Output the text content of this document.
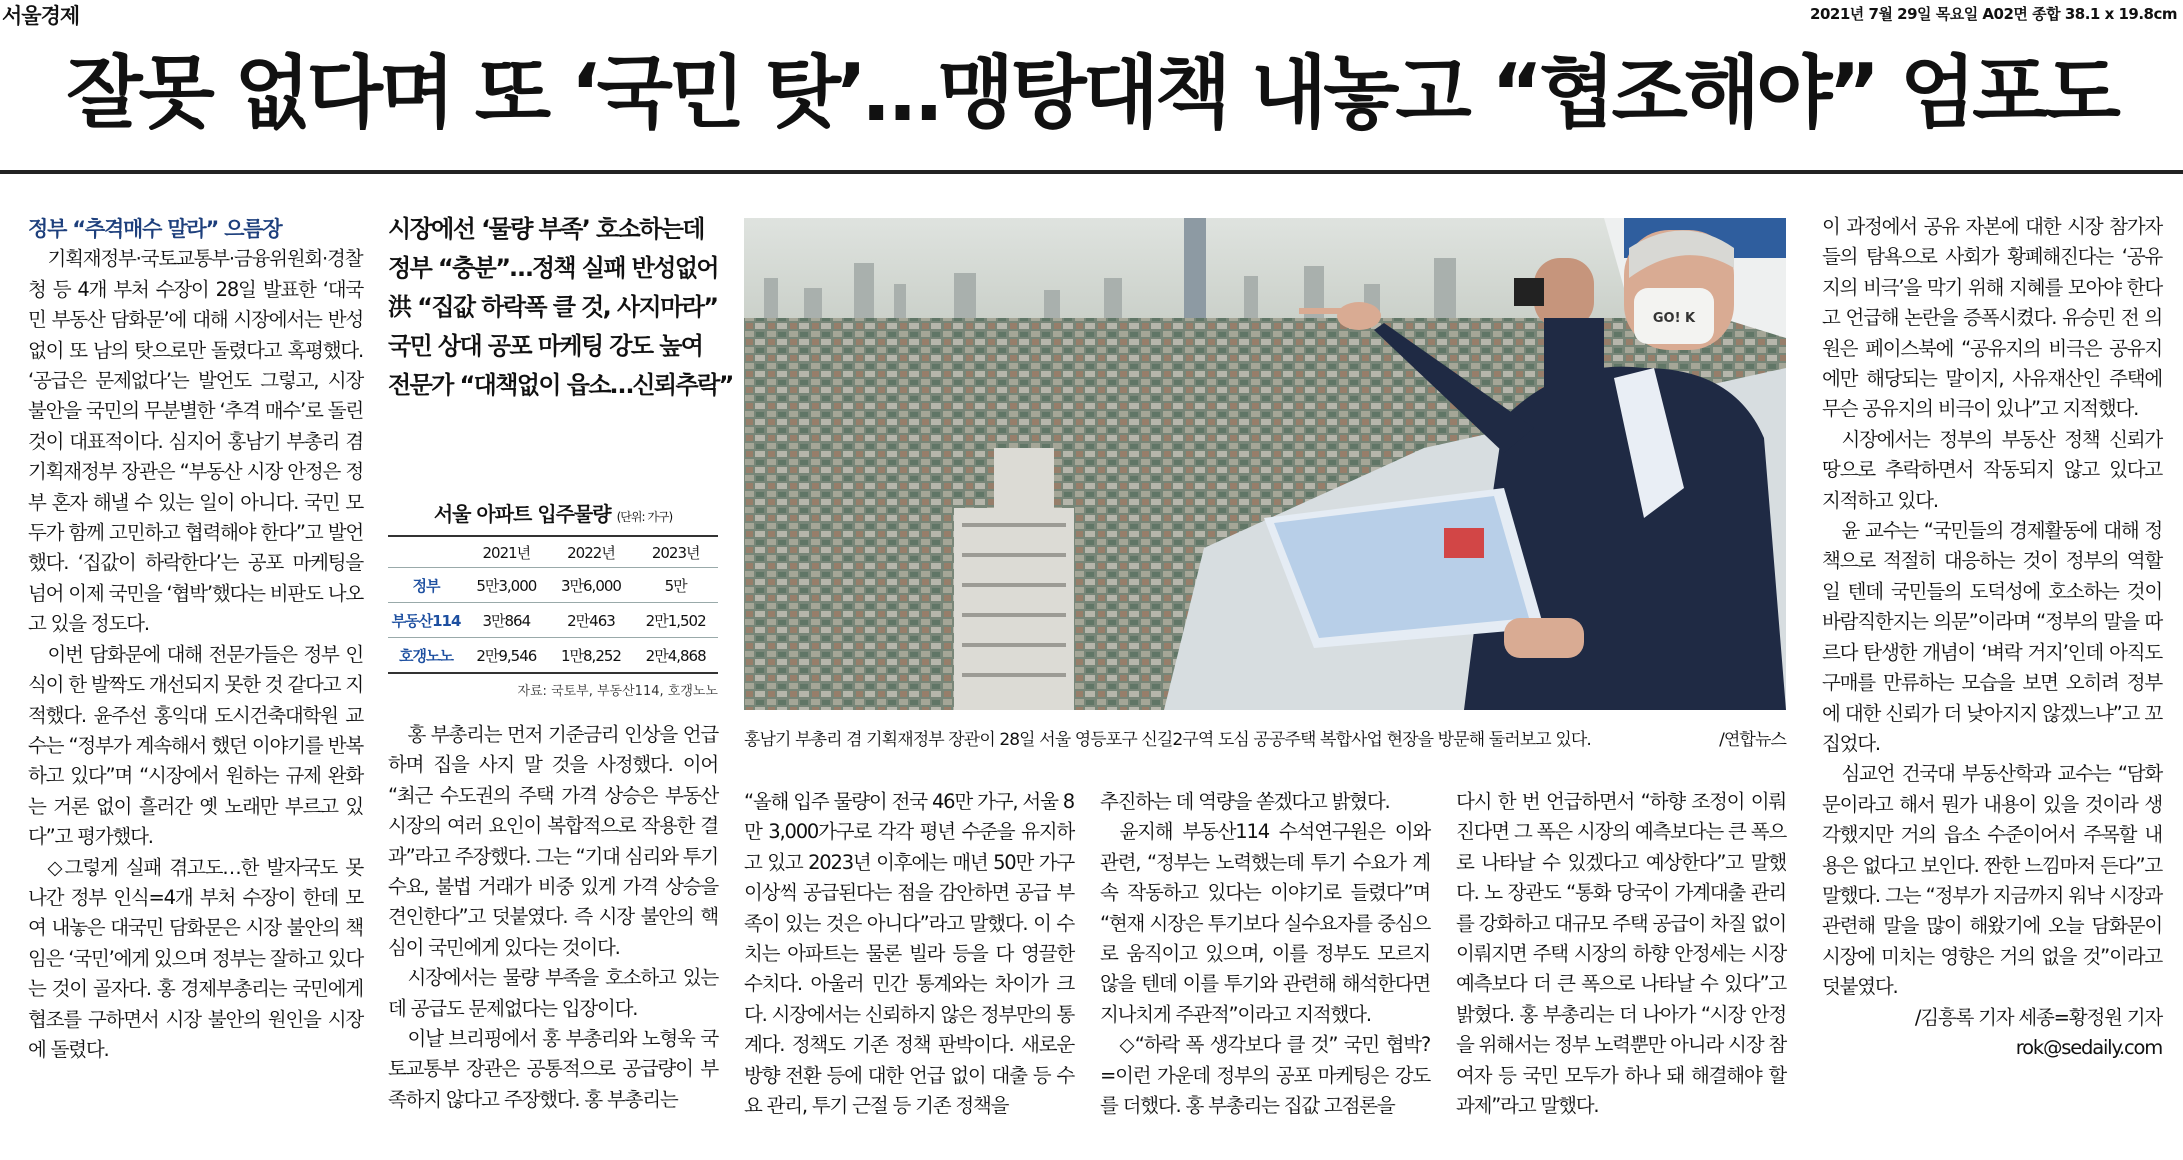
서울경제	2021년 7월 29일 목요일 A02면 종합 38.1 x 19.8cm
잘못 없다며 또 ‘국민 탓’…맹탕대책 내놓고 “협조해야” 엄포도

정부 “추격매수 말라” 으름장

기획재정부·국토교통부·금융위원회·경찰청 등 4개 부처 수장이 28일 발표한 ‘대국민 부동산 담화문’에 대해 시장에서는 반성 없이 또 남의 탓으로만 돌렸다고 혹평했다. ‘공급은 문제없다’는 발언도 그렇고, 시장 불안을 국민의 무분별한 ‘추격 매수’로 돌린 것이 대표적이다. 심지어 홍남기 부총리 겸 기획재정부 장관은 “부동산 시장 안정은 정부 혼자 해낼 수 있는 일이 아니다. 국민 모두가 함께 고민하고 협력해야 한다”고 발언했다. ‘집값이 하락한다’는 공포 마케팅을 넘어 이제 국민을 ‘협박’했다는 비판도 나오고 있을 정도다.

이번 담화문에 대해 전문가들은 정부 인식이 한 발짝도 개선되지 못한 것 같다고 지적했다. 윤주선 홍익대 도시건축대학원 교수는 “정부가 계속해서 했던 이야기를 반복하고 있다”며 “시장에서 원하는 규제 완화는 거론 없이 흘러간 옛 노래만 부르고 있다”고 평가했다.

◇그렇게 실패 겪고도…한 발자국도 못 나간 정부 인식=4개 부처 수장이 한데 모여 내놓은 대국민 담화문은 시장 불안의 책임은 ‘국민’에게 있으며 정부는 잘하고 있다는 것이 골자다. 홍 경제부총리는 국민에게 협조를 구하면서 시장 불안의 원인을 시장에 돌렸다.

시장에선 ‘물량 부족’ 호소하는데
정부 “충분”…정책 실패 반성없어
洪 “집값 하락폭 클 것, 사지마라”
국민 상대 공포 마케팅 강도 높여
전문가 “대책없이 읍소…신뢰추락”
서울 아파트 입주물량 (단위: 가구)
	2021년	2022년	2023년
정부	5만3,000	3만6,000	5만
부동산114	3만864	2만463	2만1,502
호갱노노	2만9,546	1만8,252	2만4,868
자료: 국토부, 부동산114, 호갱노노

홍 부총리는 먼저 기준금리 인상을 언급하며 집을 사지 말 것을 사정했다. 이어 “최근 수도권의 주택 가격 상승은 부동산 시장의 여러 요인이 복합적으로 작용한 결과”라고 주장했다. 그는 “기대 심리와 투기 수요, 불법 거래가 비중 있게 가격 상승을 견인한다”고 덧붙였다. 즉 시장 불안의 핵심이 국민에게 있다는 것이다.

시장에서는 물량 부족을 호소하고 있는데 공급도 문제없다는 입장이다.

이날 브리핑에서 홍 부총리와 노형욱 국토교통부 장관은 공통적으로 공급량이 부족하지 않다고 주장했다. 홍 부총리는

GO! K
홍남기 부총리 겸 기획재정부 장관이 28일 서울 영등포구 신길2구역 도심 공공주택 복합사업 현장을 방문해 둘러보고 있다.	/연합뉴스

“올해 입주 물량이 전국 46만 가구, 서울 8만 3,000가구로 각각 평년 수준을 유지하고 있고 2023년 이후에는 매년 50만 가구 이상씩 공급된다는 점을 감안하면 공급 부족이 있는 것은 아니다”라고 말했다. 이 수치는 아파트는 물론 빌라 등을 다 영끌한 수치다. 아울러 민간 통계와는 차이가 크다. 시장에서는 신뢰하지 않은 정부만의 통계다. 정책도 기존 정책 판박이다. 새로운 방향 전환 등에 대한 언급 없이 대출 등 수요 관리, 투기 근절 등 기존 정책을

추진하는 데 역량을 쏟겠다고 밝혔다.

윤지해 부동산114 수석연구원은 이와 관련, “정부는 노력했는데 투기 수요가 계속 작동하고 있다는 이야기로 들렸다”며 “현재 시장은 투기보다 실수요자를 중심으로 움직이고 있으며, 이를 정부도 모르지 않을 텐데 이를 투기와 관련해 해석한다면 지나치게 주관적”이라고 지적했다.

◇“하락 폭 생각보다 클 것” 국민 협박? =이런 가운데 정부의 공포 마케팅은 강도를 더했다. 홍 부총리는 집값 고점론을

다시 한 번 언급하면서 “하향 조정이 이뤄진다면 그 폭은 시장의 예측보다는 큰 폭으로 나타날 수 있겠다고 예상한다”고 말했다. 노 장관도 “통화 당국이 가계대출 관리를 강화하고 대규모 주택 공급이 차질 없이 이뤄지면 주택 시장의 하향 안정세는 시장 예측보다 더 큰 폭으로 나타날 수 있다”고 밝혔다. 홍 부총리는 더 나아가 “시장 안정을 위해서는 정부 노력뿐만 아니라 시장 참여자 등 국민 모두가 하나 돼 해결해야 할 과제”라고 말했다.

이 과정에서 공유 자본에 대한 시장 참가자들의 탐욕으로 사회가 황폐해진다는 ‘공유지의 비극’을 막기 위해 지혜를 모아야 한다고 언급해 논란을 증폭시켰다. 유승민 전 의원은 페이스북에 “공유지의 비극은 공유지에만 해당되는 말이지, 사유재산인 주택에 무슨 공유지의 비극이 있나”고 지적했다.

시장에서는 정부의 부동산 정책 신뢰가 땅으로 추락하면서 작동되지 않고 있다고 지적하고 있다.

윤 교수는 “국민들의 경제활동에 대해 정책으로 적절히 대응하는 것이 정부의 역할일 텐데 국민들의 도덕성에 호소하는 것이 바람직한지는 의문”이라며 “정부의 말을 따르다 탄생한 개념이 ‘벼락 거지’인데 아직도 구매를 만류하는 모습을 보면 오히려 정부에 대한 신뢰가 더 낮아지지 않겠느냐”고 꼬집었다.

심교언 건국대 부동산학과 교수는 “담화문이라고 해서 뭔가 내용이 있을 것이라 생각했지만 거의 읍소 수준이어서 주목할 내용은 없다고 보인다. 짠한 느낌마저 든다”고 말했다. 그는 “정부가 지금까지 워낙 시장과 관련해 말을 많이 해왔기에 오늘 담화문이 시장에 미치는 영향은 거의 없을 것”이라고 덧붙였다.

/김흥록 기자 세종=황정원 기자

rok@sedaily.com
